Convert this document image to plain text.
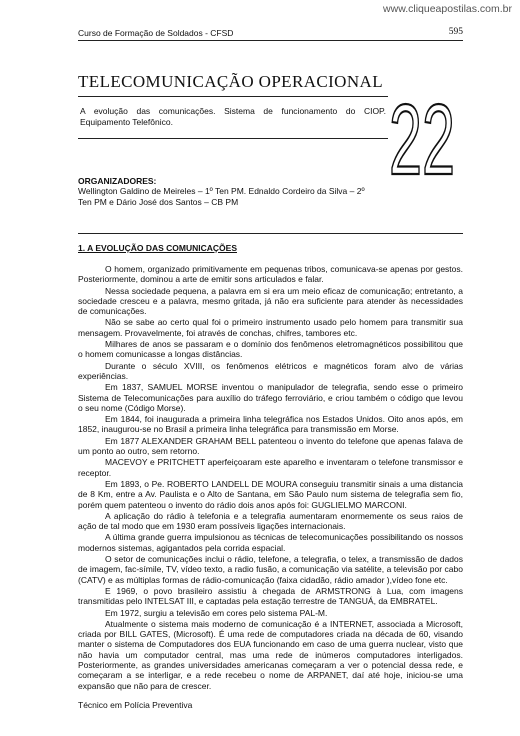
www.cliqueapostilas.com.br
Curso de Formação de Soldados - CFSD	595
TELECOMUNICAÇÃO OPERACIONAL
A evolução das comunicações. Sistema de funcionamento do CIOP. Equipamento Telefônico.	22
ORGANIZADORES:
Wellington Galdino de Meireles – 1º Ten PM. Ednaldo Cordeiro da Silva – 2º Ten PM e Dário José dos Santos – CB PM
1. A EVOLUÇÃO DAS COMUNICAÇÕES

O homem, organizado primitivamente em pequenas tribos, comunicava-se apenas por gestos. Posteriormente, dominou a arte de emitir sons articulados e falar.

Nessa sociedade pequena, a palavra em si era um meio eficaz de comunicação; entretanto, a sociedade cresceu e a palavra, mesmo gritada, já não era suficiente para atender às necessidades de comunicações.

Não se sabe ao certo qual foi o primeiro instrumento usado pelo homem para transmitir sua mensagem. Provavelmente, foi através de conchas, chifres, tambores etc.

Milhares de anos se passaram e o domínio dos fenômenos eletromagnéticos possibilitou que o homem comunicasse a longas distâncias.

Durante o século XVIII, os fenômenos elétricos e magnéticos foram alvo de várias experiências.

Em 1837, SAMUEL MORSE inventou o manipulador de telegrafia, sendo esse o primeiro Sistema de Telecomunicações para auxílio do tráfego ferroviário, e criou também o código que levou o seu nome (Código Morse).

Em 1844, foi inaugurada a primeira linha telegráfica nos Estados Unidos. Oito anos após, em 1852, inaugurou-se no Brasil a primeira linha telegráfica para transmissão em Morse.

Em 1877 ALEXANDER GRAHAM BELL patenteou o invento do telefone que apenas falava de um ponto ao outro, sem retorno.

MACEVOY e PRITCHETT aperfeiçoaram este aparelho e inventaram o telefone transmissor e receptor.

Em 1893, o Pe. ROBERTO LANDELL DE MOURA conseguiu transmitir sinais a uma distancia de 8 Km, entre a Av. Paulista e o Alto de Santana, em São Paulo num sistema de telegrafia sem fio, porém quem patenteou o invento do rádio dois anos após foi: GUGLIELMO MARCONI.

A aplicação do rádio à telefonia e a telegrafia aumentaram enormemente os seus raios de ação de tal modo que em 1930 eram possíveis ligações internacionais.

A última grande guerra impulsionou as técnicas de telecomunicações possibilitando os nossos modernos sistemas, agigantados pela corrida espacial.

O setor de comunicações inclui o rádio, telefone, a telegrafia, o telex, a transmissão de dados de imagem, fac-símile, TV, vídeo texto, a radio fusão, a comunicação via satélite, a televisão por cabo (CATV) e as múltiplas formas de rádio-comunicação (faixa cidadão, rádio amador ),vídeo fone etc.

E 1969, o povo brasileiro assistiu à chegada de ARMSTRONG à Lua, com imagens transmitidas pelo INTELSAT III, e captadas pela estação terrestre de TANGUÁ, da EMBRATEL.

Em 1972, surgiu a televisão em cores pelo sistema PAL-M.

Atualmente o sistema mais moderno de comunicação é a INTERNET, associada a Microsoft, criada por BILL GATES, (Microsoft). É uma rede de computadores criada na década de 60, visando manter o sistema de Computadores dos EUA funcionando em caso de uma guerra nuclear, visto que não havia um computador central, mas uma rede de inúmeros computadores interligados. Posteriormente, as grandes universidades americanas começaram a ver o potencial dessa rede, e começaram a se interligar, e a rede recebeu o nome de ARPANET, daí até hoje, iniciou-se uma expansão que não para de crescer.

Técnico em Polícia Preventiva
